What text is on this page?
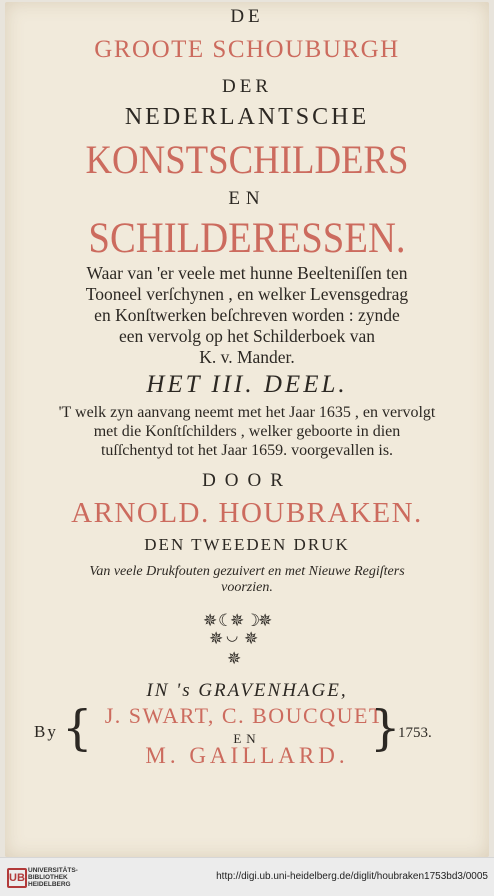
DE
GROOTE SCHOUBURGH
DER
NEDERLANTSCHE
KONSTSCHILDERS
EN
SCHILDERESSEN.
Waar van 'er veele met hunne Beelteniſſen ten
Tooneel verſchynen , en welker Levensgedrag
en Konſtwerken beſchreven worden : zynde
een vervolg op het Schilderboek van
K. v. Mander.
HET III. DEEL.
'T welk zyn aanvang neemt met het Jaar 1635 , en vervolgt
met die Konſtſchilders , welker geboorte in dien
tuſſchentyd tot het Jaar 1659. voorgevallen is.
DOOR
ARNOLD. HOUBRAKEN.
DEN TWEEDEN DRUK
Van veele Drukfouten gezuivert en met Nieuwe Regiſters
voorzien.
✵ ☾
✵ ☽
✵
✵ ◡ ✵
✵
IN 's GRAVENHAGE,
By { J. SWART, C. BOUCQUET,
EN
M. GAILLARD. }
1753.
UB
UNIVERSITÄTS-
BIBLIOTHEK
HEIDELBERG
http://digi.ub.uni-heidelberg.de/diglit/houbraken1753bd3/0005
